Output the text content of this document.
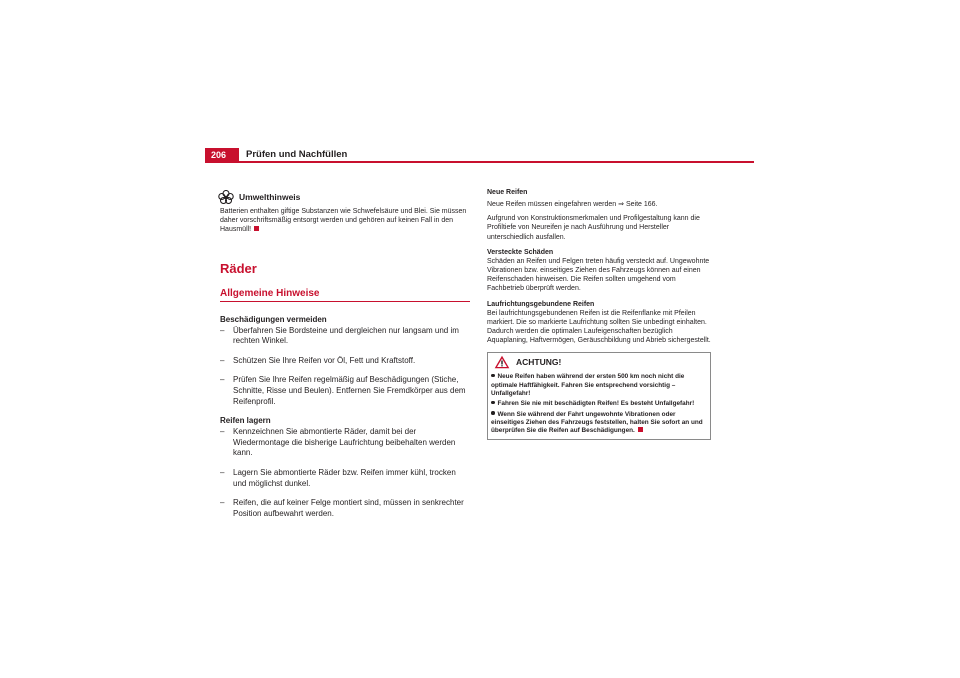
206	Prüfen und Nachfüllen
Umwelthinweis
Batterien enthalten giftige Substanzen wie Schwefelsäure und Blei. Sie müssen daher vorschriftsmäßig entsorgt werden und gehören auf keinen Fall in den Hausmüll!
Räder
Allgemeine Hinweise
Beschädigungen vermeiden
– Überfahren Sie Bordsteine und dergleichen nur langsam und im rechten Winkel.
– Schützen Sie Ihre Reifen vor Öl, Fett und Kraftstoff.
– Prüfen Sie Ihre Reifen regelmäßig auf Beschädigungen (Stiche, Schnitte, Risse und Beulen). Entfernen Sie Fremdkörper aus dem Reifenprofil.
Reifen lagern
– Kennzeichnen Sie abmontierte Räder, damit bei der Wiedermontage die bisherige Laufrichtung beibehalten werden kann.
– Lagern Sie abmontierte Räder bzw. Reifen immer kühl, trocken und möglichst dunkel.
– Reifen, die auf keiner Felge montiert sind, müssen in senkrechter Position aufbewahrt werden.
Neue Reifen
Neue Reifen müssen eingefahren werden ⇒ Seite 166.
Aufgrund von Konstruktionsmerkmalen und Profilgestaltung kann die Profiltiefe von Neureifen je nach Ausführung und Hersteller unterschiedlich ausfallen.
Versteckte Schäden
Schäden an Reifen und Felgen treten häufig versteckt auf. Ungewohnte Vibrationen bzw. einseitiges Ziehen des Fahrzeugs können auf einen Reifenschaden hinweisen. Die Reifen sollten umgehend vom Fachbetrieb überprüft werden.
Laufrichtungsgebundene Reifen
Bei laufrichtungsgebundenen Reifen ist die Reifenflanke mit Pfeilen markiert. Die so markierte Laufrichtung sollten Sie unbedingt einhalten. Dadurch werden die optimalen Laufeigenschaften bezüglich Aquaplaning, Haftvermögen, Geräuschbildung und Abrieb sichergestellt.
ACHTUNG!
Neue Reifen haben während der ersten 500 km noch nicht die optimale Haftfähigkeit. Fahren Sie entsprechend vorsichtig – Unfallgefahr!
Fahren Sie nie mit beschädigten Reifen! Es besteht Unfallgefahr!
Wenn Sie während der Fahrt ungewohnte Vibrationen oder einseitiges Ziehen des Fahrzeugs feststellen, halten Sie sofort an und überprüfen Sie die Reifen auf Beschädigungen.
